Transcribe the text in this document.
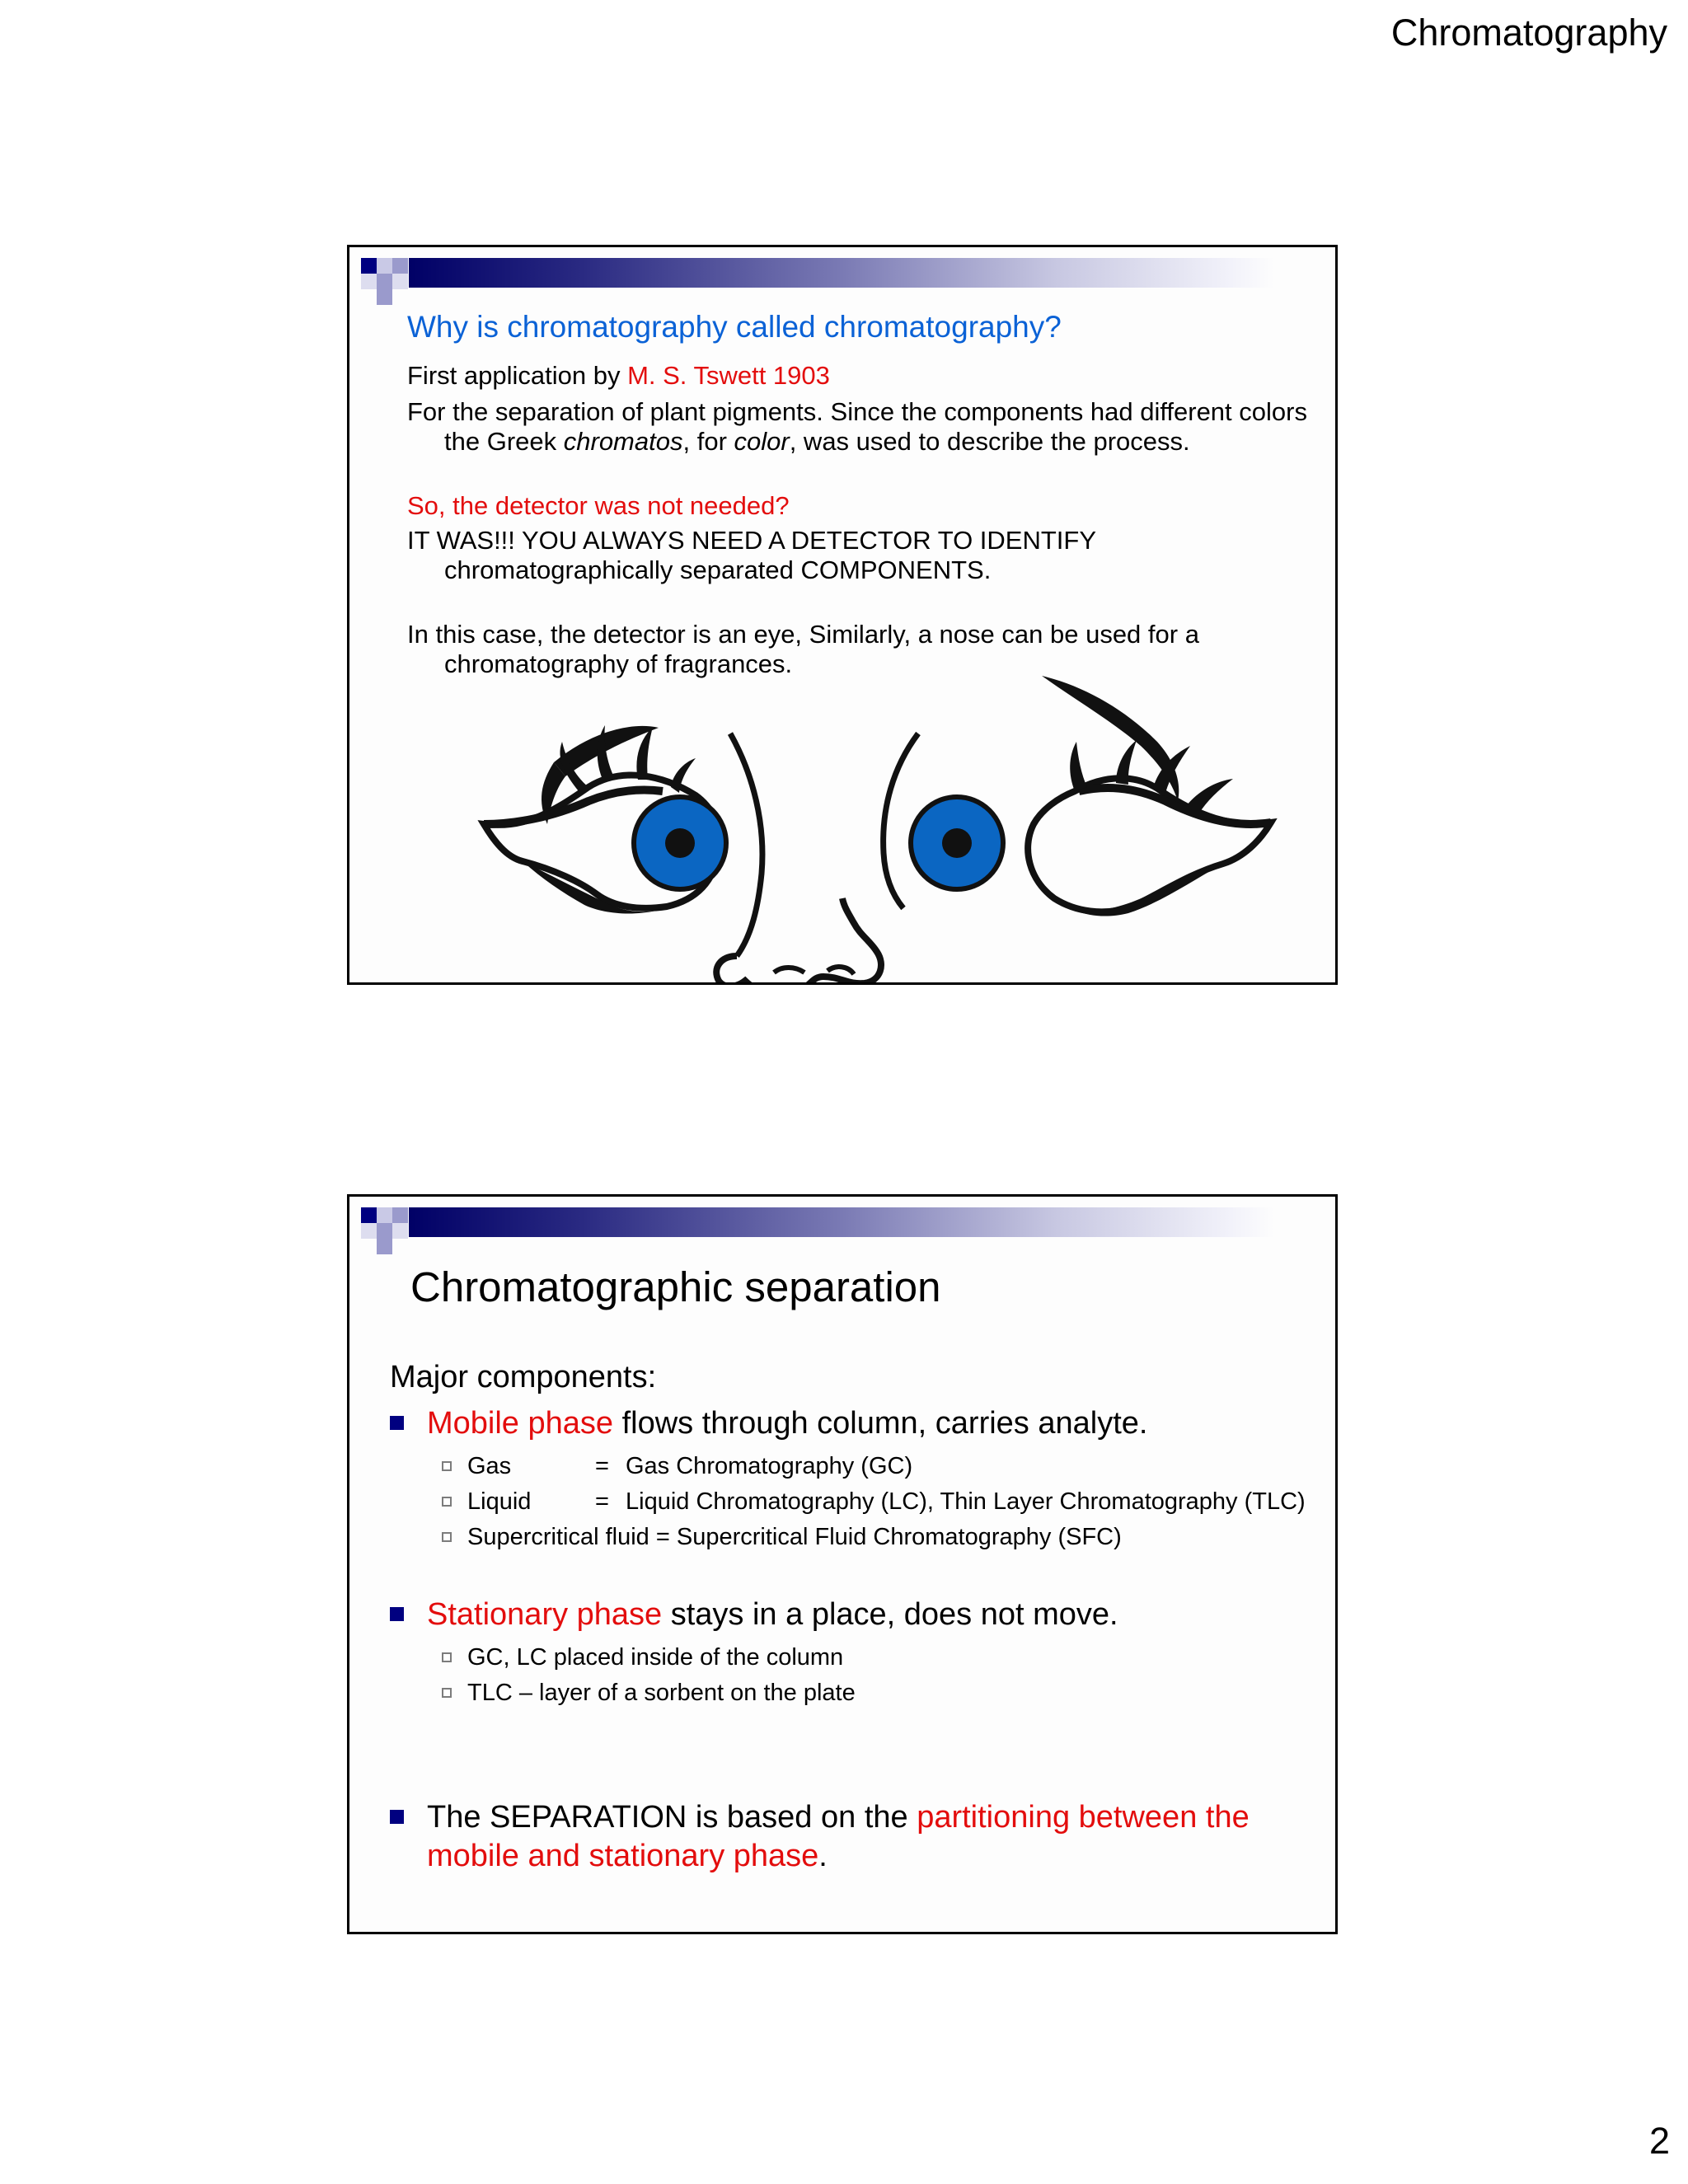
Chromatography
Why is chromatography called chromatography?

First application by M. S. Tswett 1903

For the separation of plant pigments. Since the components had different colors the Greek chromatos, for color, was used to describe the process.

So, the detector was not needed?

IT WAS!!! YOU ALWAYS NEED A DETECTOR TO IDENTIFY chromatographically separated COMPONENTS.

In this case, the detector is an eye, Similarly, a nose can be used for a chromatography of fragrances.

Chromatographic separation
Major components:
Mobile phase flows through column, carries analyte.
Gas	= Gas Chromatography (GC)
Liquid	= Liquid Chromatography (LC), Thin Layer Chromatography (TLC)
Supercritical fluid = Supercritical Fluid Chromatography (SFC)
Stationary phase stays in a place, does not move.
GC, LC placed inside of the column
TLC – layer of a sorbent on the plate
The SEPARATION is based on the partitioning between the mobile and stationary phase.
2
